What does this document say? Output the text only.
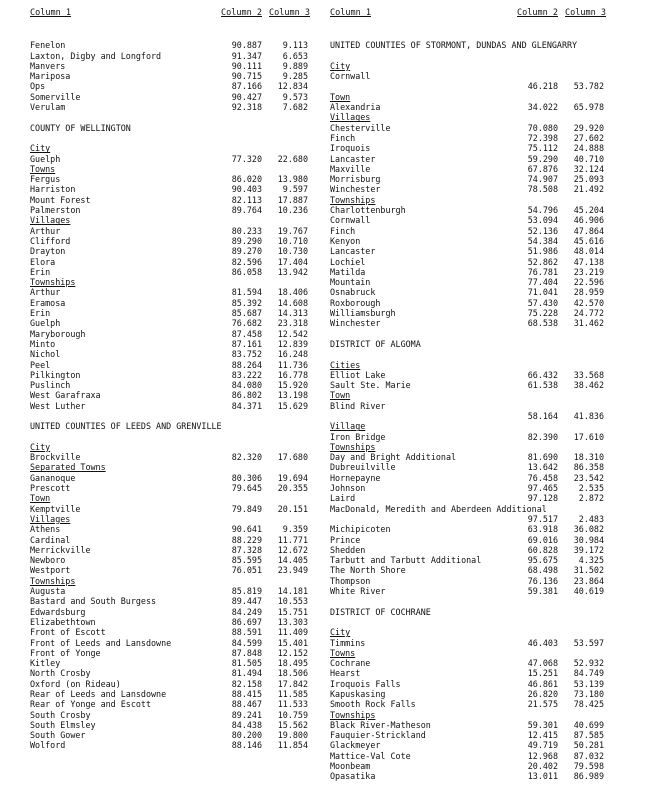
Column 1	Column 2 Column 3
Fenelon	90.887 9.113
Laxton, Digby and Longford	91.347 6.653
Manvers	90.111 9.889
Mariposa	90.715 9.285
Ops	87.166 12.834
Somerville	90.427 9.573
Verulam	92.318 7.682
COUNTY OF WELLINGTON
City
Guelph	77.320 22.680
Towns
Fergus	86.020 13.980
Harriston	90.403 9.597
Mount Forest	82.113 17.887
Palmerston	89.764 10.236
Villages
Arthur	80.233 19.767
Clifford	89.290 10.710
Drayton	89.270 10.730
Elora	82.596 17.404
Erin	86.058 13.942
Townships
Arthur	81.594 18.406
Eramosa	85.392 14.608
Erin	85.687 14.313
Guelph	76.682 23.318
Maryborough	87.458 12.542
Minto	87.161 12.839
Nichol	83.752 16.248
Peel	88.264 11.736
Pilkington	83.222 16.778
Puslinch	84.080 15.920
West Garafraxa	86.802 13.198
West Luther	84.371 15.629
UNITED COUNTIES OF LEEDS AND GRENVILLE
City
Brockville	82.320 17.680
Separated Towns
Gananoque	80.306 19.694
Prescott	79.645 20.355
Town
Kemptville	79.849 20.151
Villages
Athens	90.641 9.359
Cardinal	88.229 11.771
Merrickville	87.328 12.672
Newboro	85.595 14.405
Westport	76.051 23.949
Townships
Augusta	85.819 14.181
Bastard and South Burgess	89.447 10.553
Edwardsburg	84.249 15.751
Elizabethtown	86.697 13.303
Front of Escott	88.591 11.409
Front of Leeds and Lansdowne	84.599 15.401
Front of Yonge	87.848 12.152
Kitley	81.505 18.495
North Crosby	81.494 18.506
Oxford (on Rideau)	82.158 17.842
Rear of Leeds and Lansdowne	88.415 11.585
Rear of Yonge and Escott	88.467 11.533
South Crosby	89.241 10.759
South Elmsley	84.438 15.562
South Gower	80.200 19.800
Wolford	88.146 11.854
Column 1	Column 2 Column 3
UNITED COUNTIES OF STORMONT, DUNDAS AND GLENGARRY
City
Cornwall
46.218 53.782
Town
Alexandria	34.022 65.978
Villages
Chesterville	70.080 29.920
Finch	72.398 27.602
Iroquois	75.112 24.888
Lancaster	59.290 40.710
Maxville	67.876 32.124
Morrisburg	74.907 25.093
Winchester	78.508 21.492
Townships
Charlottenburgh	54.796 45.204
Cornwall	53.094 46.906
Finch	52.136 47.864
Kenyon	54.384 45.616
Lancaster	51.986 48.014
Lochiel	52.862 47.138
Matilda	76.781 23.219
Mountain	77.404 22.596
Osnabruck	71.041 28.959
Roxborough	57.430 42.570
Williamsburgh	75.228 24.772
Winchester	68.538 31.462
DISTRICT OF ALGOMA
Cities
Elliot Lake	66.432 33.568
Sault Ste. Marie	61.538 38.462
Town
Blind River
58.164 41.836
Village
Iron Bridge	82.390 17.610
Townships
Day and Bright Additional	81.690 18.310
Dubreuilville	13.642 86.358
Hornepayne	76.458 23.542
Johnson	97.465 2.535
Laird	97.128 2.872
MacDonald, Meredith and Aberdeen Additional
97.517 2.483
Michipicoten	63.918 36.082
Prince	69.016 30.984
Shedden	60.828 39.172
Tarbutt and Tarbutt Additional	95.675 4.325
The North Shore	68.498 31.502
Thompson	76.136 23.864
White River	59.381 40.619
DISTRICT OF COCHRANE
City
Timmins	46.403 53.597
Towns
Cochrane	47.068 52.932
Hearst	15.251 84.749
Iroquois Falls	46.861 53.139
Kapuskasing	26.820 73.180
Smooth Rock Falls	21.575 78.425
Townships
Black River-Matheson	59.301 40.699
Fauquier-Strickland	12.415 87.585
Glackmeyer	49.719 50.281
Mattice-Val Cote	12.968 87.032
Moonbeam	20.402 79.598
Opasatika	13.011 86.989
